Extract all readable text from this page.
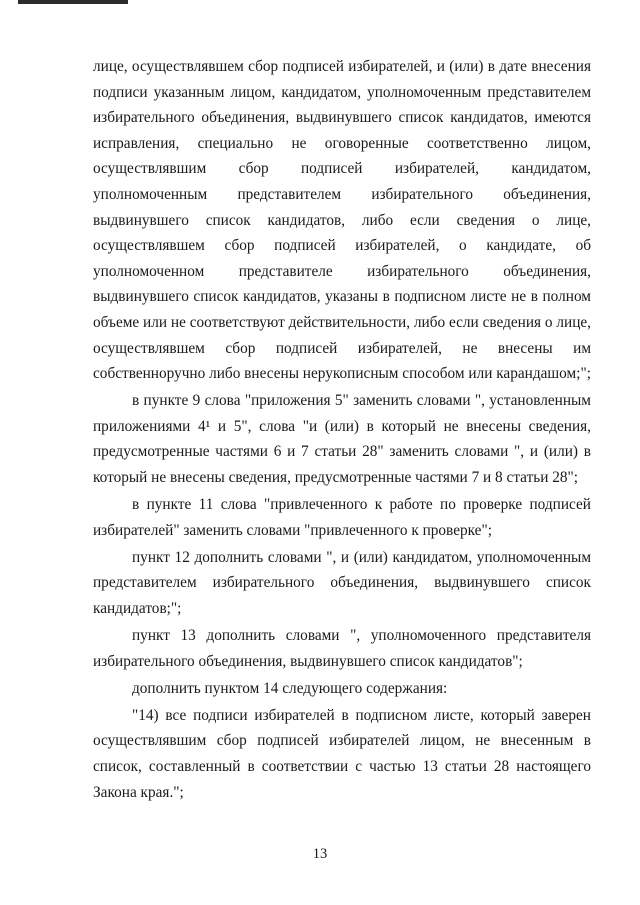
лице, осуществлявшем сбор подписей избирателей, и (или) в дате внесения подписи указанным лицом, кандидатом, уполномоченным представителем избирательного объединения, выдвинувшего список кандидатов, имеются исправления, специально не оговоренные соответственно лицом, осуществлявшим сбор подписей избирателей, кандидатом, уполномоченным представителем избирательного объединения, выдвинувшего список кандидатов, либо если сведения о лице, осуществлявшем сбор подписей избирателей, о кандидате, об уполномоченном представителе избирательного объединения, выдвинувшего список кандидатов, указаны в подписном листе не в полном объеме или не соответствуют действительности, либо если сведения о лице, осуществлявшем сбор подписей избирателей, не внесены им собственноручно либо внесены нерукописным способом или карандашом;";

в пункте 9 слова "приложения 5" заменить словами ", установленным приложениями 4¹ и 5", слова "и (или) в который не внесены сведения, предусмотренные частями 6 и 7 статьи 28" заменить словами ", и (или) в который не внесены сведения, предусмотренные частями 7 и 8 статьи 28";

в пункте 11 слова "привлеченного к работе по проверке подписей избирателей" заменить словами "привлеченного к проверке";

пункт 12 дополнить словами ", и (или) кандидатом, уполномоченным представителем избирательного объединения, выдвинувшего список кандидатов;";

пункт 13 дополнить словами ", уполномоченного представителя избирательного объединения, выдвинувшего список кандидатов";

дополнить пунктом 14 следующего содержания:

"14) все подписи избирателей в подписном листе, который заверен осуществлявшим сбор подписей избирателей лицом, не внесенным в список, составленный в соответствии с частью 13 статьи 28 настоящего Закона края.";

13
